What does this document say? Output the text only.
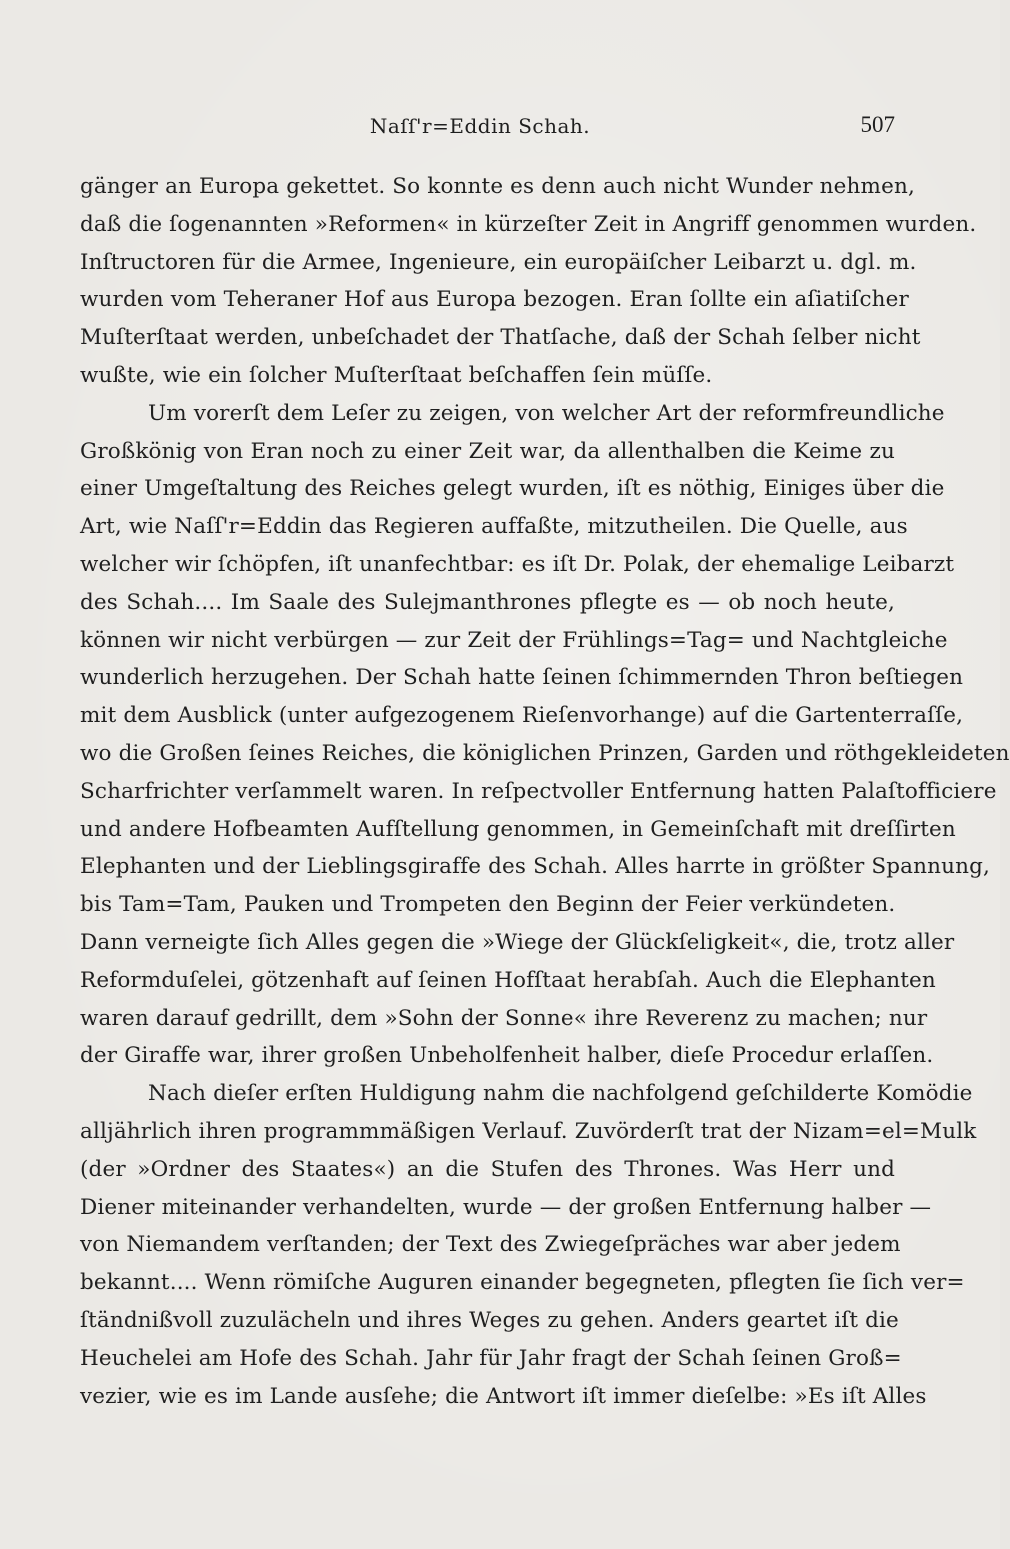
Naſſ'r=Eddin Schah.	507
gänger an Europa gekettet. So konnte es denn auch nicht Wunder nehmen,
daß die ſogenannten »Reformen« in kürzeſter Zeit in Angriff genommen wurden.
Inſtructoren für die Armee, Ingenieure, ein europäiſcher Leibarzt u. dgl. m.
wurden vom Teheraner Hof aus Europa bezogen. Eran ſollte ein aſiatiſcher
Muſterſtaat werden, unbeſchadet der Thatſache, daß der Schah ſelber nicht
wußte, wie ein ſolcher Muſterſtaat beſchaffen ſein müſſe.
Um vorerſt dem Leſer zu zeigen, von welcher Art der reformfreundliche
Großkönig von Eran noch zu einer Zeit war, da allenthalben die Keime zu
einer Umgeſtaltung des Reiches gelegt wurden, iſt es nöthig, Einiges über die
Art, wie Naſſ'r=Eddin das Regieren auffaßte, mitzutheilen. Die Quelle, aus
welcher wir ſchöpfen, iſt unanfechtbar: es iſt Dr. Polak, der ehemalige Leibarzt
des Schah.... Im Saale des Sulejmanthrones pflegte es — ob noch heute,
können wir nicht verbürgen — zur Zeit der Frühlings=Tag= und Nachtgleiche
wunderlich herzugehen. Der Schah hatte ſeinen ſchimmernden Thron beſtiegen
mit dem Ausblick (unter aufgezogenem Rieſenvorhange) auf die Gartenterraſſe,
wo die Großen ſeines Reiches, die königlichen Prinzen, Garden und röthgekleideten
Scharfrichter verſammelt waren. In reſpectvoller Entfernung hatten Palaſtofficiere
und andere Hofbeamten Aufſtellung genommen, in Gemeinſchaft mit dreſſirten
Elephanten und der Lieblingsgiraffe des Schah. Alles harrte in größter Spannung,
bis Tam=Tam, Pauken und Trompeten den Beginn der Feier verkündeten.
Dann verneigte ſich Alles gegen die »Wiege der Glückſeligkeit«, die, trotz aller
Reformduſelei, götzenhaft auf ſeinen Hofſtaat herabſah. Auch die Elephanten
waren darauf gedrillt, dem »Sohn der Sonne« ihre Reverenz zu machen; nur
der Giraffe war, ihrer großen Unbeholfenheit halber, dieſe Procedur erlaſſen.
Nach dieſer erſten Huldigung nahm die nachfolgend geſchilderte Komödie
alljährlich ihren programmmäßigen Verlauf. Zuvörderſt trat der Nizam=el=Mulk
(der »Ordner des Staates«) an die Stufen des Thrones. Was Herr und
Diener miteinander verhandelten, wurde — der großen Entfernung halber —
von Niemandem verſtanden; der Text des Zwiegeſpräches war aber jedem
bekannt.... Wenn römiſche Auguren einander begegneten, pflegten ſie ſich ver=
ſtändnißvoll zuzulächeln und ihres Weges zu gehen. Anders geartet iſt die
Heuchelei am Hofe des Schah. Jahr für Jahr fragt der Schah ſeinen Groß=
vezier, wie es im Lande ausſehe; die Antwort iſt immer dieſelbe: »Es iſt Alles
